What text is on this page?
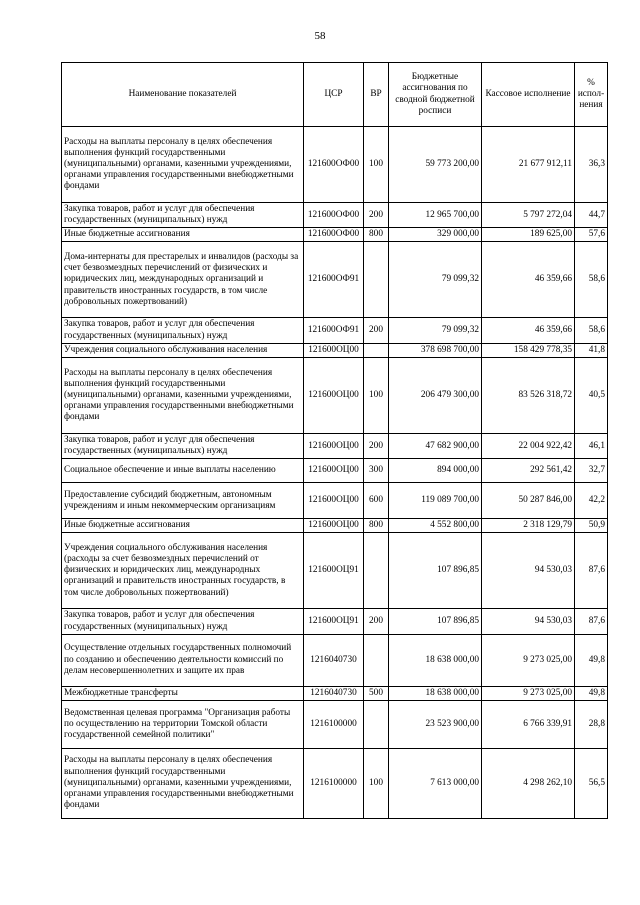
58
Наименование показателей	ЦСР	ВР	Бюджетные ассигнования по сводной бюджетной росписи	Кассовое исполнение	% испол-нения
Расходы на выплаты персоналу в целях обеспечения выполнения функций государственными (муниципальными) органами, казенными учреждениями, органами управления государственными внебюджетными фондами	121600ОФ00	100	59 773 200,00	21 677 912,11	36,3
Закупка товаров, работ и услуг для обеспечения государственных (муниципальных) нужд	121600ОФ00	200	12 965 700,00	5 797 272,04	44,7
Иные бюджетные ассигнования	121600ОФ00	800	329 000,00	189 625,00	57,6
Дома-интернаты для престарелых и инвалидов (расходы за счет безвозмездных перечислений от физических и юридических лиц, международных организаций и правительств иностранных государств, в том числе добровольных пожертвований)	121600ОФ91		79 099,32	46 359,66	58,6
Закупка товаров, работ и услуг для обеспечения государственных (муниципальных) нужд	121600ОФ91	200	79 099,32	46 359,66	58,6
Учреждения социального обслуживания населения	121600ОЦ00		378 698 700,00	158 429 778,35	41,8
Расходы на выплаты персоналу в целях обеспечения выполнения функций государственными (муниципальными) органами, казенными учреждениями, органами управления государственными внебюджетными фондами	121600ОЦ00	100	206 479 300,00	83 526 318,72	40,5
Закупка товаров, работ и услуг для обеспечения государственных (муниципальных) нужд	121600ОЦ00	200	47 682 900,00	22 004 922,42	46,1
Социальное обеспечение и иные выплаты населению	121600ОЦ00	300	894 000,00	292 561,42	32,7
Предоставление субсидий бюджетным, автономным учреждениям и иным некоммерческим организациям	121600ОЦ00	600	119 089 700,00	50 287 846,00	42,2
Иные бюджетные ассигнования	121600ОЦ00	800	4 552 800,00	2 318 129,79	50,9
Учреждения социального обслуживания населения (расходы за счет безвозмездных перечислений от физических и юридических лиц, международных организаций и правительств иностранных государств, в том числе добровольных пожертвований)	121600ОЦ91		107 896,85	94 530,03	87,6
Закупка товаров, работ и услуг для обеспечения государственных (муниципальных) нужд	121600ОЦ91	200	107 896,85	94 530,03	87,6
Осуществление отдельных государственных полномочий по созданию и обеспечению деятельности комиссий по делам несовершеннолетних и защите их прав	1216040730		18 638 000,00	9 273 025,00	49,8
Межбюджетные трансферты	1216040730	500	18 638 000,00	9 273 025,00	49,8
Ведомственная целевая программа "Организация работы по осуществлению на территории Томской области государственной семейной политики"	1216100000		23 523 900,00	6 766 339,91	28,8
Расходы на выплаты персоналу в целях обеспечения выполнения функций государственными (муниципальными) органами, казенными учреждениями, органами управления государственными внебюджетными фондами	1216100000	100	7 613 000,00	4 298 262,10	56,5
